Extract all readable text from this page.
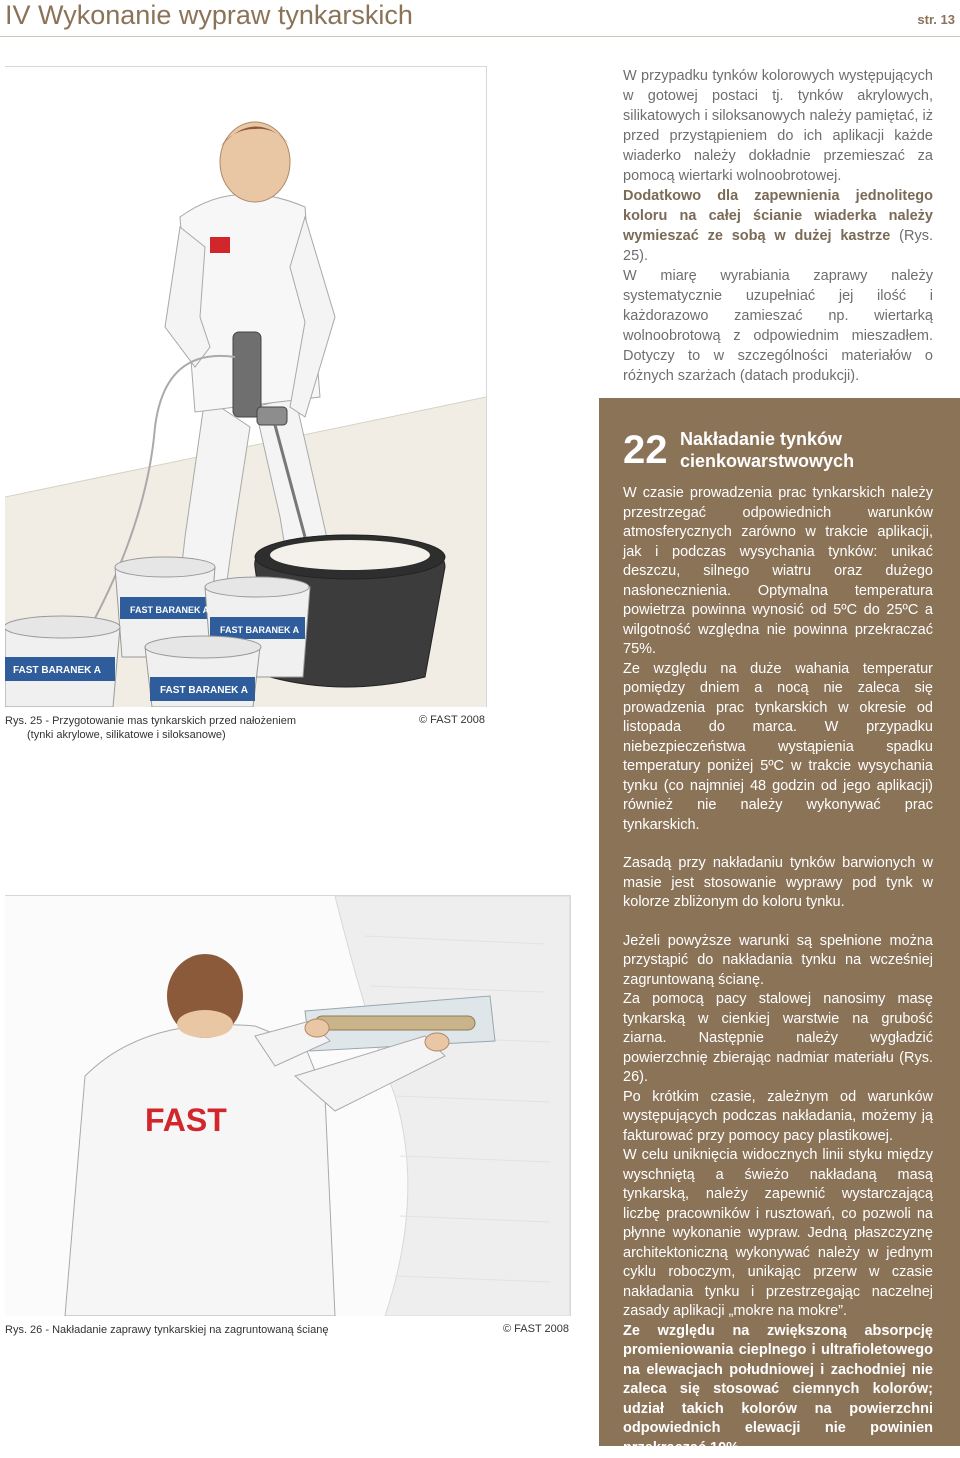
IV Wykonanie wypraw tynkarskich	str. 13
FAST BARANEK A
FAST BARANEK A
FAST BARANEK A
FAST BARANEK A
Rys. 25 - Przygotowanie mas tynkarskich przed nałożeniem
(tynki akrylowe, silikatowe i siloksanowe)
© FAST 2008

W przypadku tynków kolorowych występujących w gotowej postaci tj. tynków akrylowych, silikatowych i siloksanowych należy pamiętać, iż przed przystąpieniem do ich aplikacji każde wiaderko należy dokładnie przemieszać za pomocą wiertarki wolnoobrotowej.

Dodatkowo dla zapewnienia jednolitego koloru na całej ścianie wiaderka należy wymieszać ze sobą w dużej kastrze (Rys. 25).

W miarę wyrabiania zaprawy należy systematycznie uzupełniać jej ilość i każdorazowo zamieszać np. wiertarką wolnoobrotową z odpowiednim mieszadłem. Dotyczy to w szczególności materiałów o różnych szarżach (datach produkcji).

22 Nakładanie tynków cienkowarstwowych

W czasie prowadzenia prac tynkarskich należy przestrzegać odpowiednich warunków atmosferycznych zarówno w trakcie aplikacji, jak i podczas wysychania tynków: unikać deszczu, silnego wiatru oraz dużego nasłonecznienia. Optymalna temperatura powietrza powinna wynosić od 5ºC do 25ºC a wilgotność względna nie powinna przekraczać 75%.

Ze względu na duże wahania temperatur pomiędzy dniem a nocą nie zaleca się prowadzenia prac tynkarskich w okresie od listopada do marca. W przypadku niebezpieczeństwa wystąpienia spadku temperatury poniżej 5ºC w trakcie wysychania tynku (co najmniej 48 godzin od jego aplikacji) również nie należy wykonywać prac tynkarskich.

Zasadą przy nakładaniu tynków barwionych w masie jest stosowanie wyprawy pod tynk w kolorze zbliżonym do koloru tynku.

Jeżeli powyższe warunki są spełnione można przystąpić do nakładania tynku na wcześniej zagruntowaną ścianę.

Za pomocą pacy stalowej nanosimy masę tynkarską w cienkiej warstwie na grubość ziarna. Następnie należy wygładzić powierzchnię zbierając nadmiar materiału (Rys. 26).

Po krótkim czasie, zależnym od warunków występujących podczas nakładania, możemy ją fakturować przy pomocy pacy plastikowej.

W celu uniknięcia widocznych linii styku między wyschniętą a świeżo nakładaną masą tynkarską, należy zapewnić wystarczającą liczbę pracowników i rusztowań, co pozwoli na płynne wykonanie wypraw. Jedną płaszczyznę architektoniczną wykonywać należy w jednym cyklu roboczym, unikając przerw w czasie nakładania tynku i przestrzegając naczelnej zasady aplikacji „mokre na mokre”.

Ze względu na zwiększoną absorpcję promieniowania cieplnego i ultrafioletowego na elewacjach południowej i zachodniej nie zaleca się stosować ciemnych kolorów; udział takich kolorów na powierzchni odpowiednich elewacji nie powinien przekraczać 10%.

FAST
Rys. 26 - Nakładanie zaprawy tynkarskiej na zagruntowaną ścianę	© FAST 2008
